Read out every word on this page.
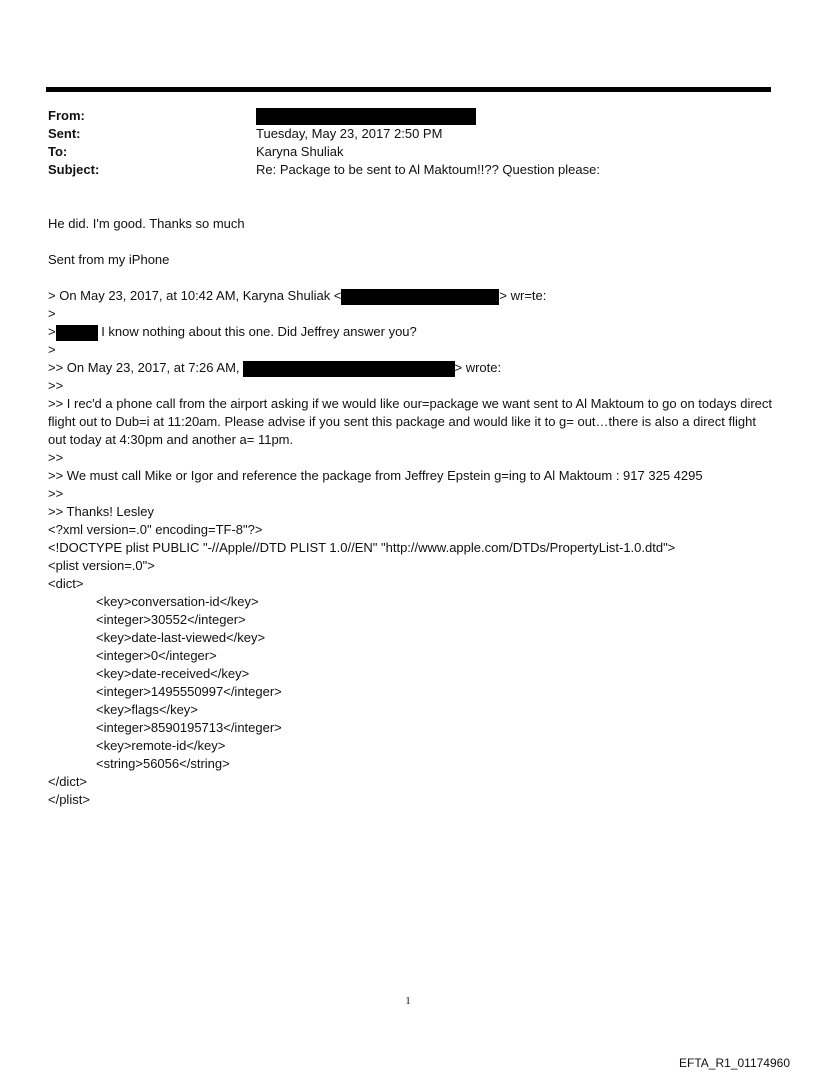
From:
Sent:	Tuesday, May 23, 2017 2:50 PM
To:	Karyna Shuliak
Subject:	Re: Package to be sent to Al Maktoum!!?? Question please:
He did. I'm good. Thanks so much
Sent from my iPhone
> On May 23, 2017, at 10:42 AM, Karyna Shuliak <	> wr=te:
>
>	I know nothing about this one. Did Jeffrey answer you?
>
>> On May 23, 2017, at 7:26 AM,	> wrote:
>>
>> I rec'd a phone call from the airport asking if we would like our=package we want sent to Al Maktoum to go on todays direct flight out to Dub=i at 11:20am. Please advise if you sent this package and would like it to g= out…there is also a direct flight out today at 4:30pm and another a= 11pm.
>>
>> We must call Mike or Igor and reference the package from Jeffrey Epstein g=ing to Al Maktoum : 917 325 4295
>>
>> Thanks! Lesley
<?xml version=.0" encoding=TF-8"?>
<!DOCTYPE plist PUBLIC "-//Apple//DTD PLIST 1.0//EN" "http://www.apple.com/DTDs/PropertyList-1.0.dtd">
<plist version=.0">
<dict>
<key>conversation-id</key>
<integer>30552</integer>
<key>date-last-viewed</key>
<integer>0</integer>
<key>date-received</key>
<integer>1495550997</integer>
<key>flags</key>
<integer>8590195713</integer>
<key>remote-id</key>
<string>56056</string>
</dict>
</plist>
1
EFTA_R1_01174960
